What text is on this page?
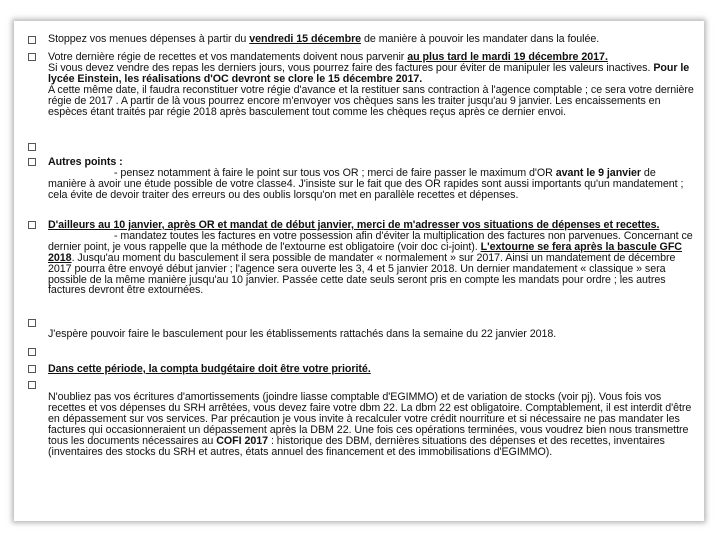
Stoppez vos menues dépenses à partir du vendredi 15 décembre de manière à pouvoir les mandater dans la foulée.
Votre dernière régie de recettes et vos mandatements doivent nous parvenir au plus tard le mardi 19 décembre 2017.
Si vous devez vendre des repas les derniers jours, vous pourrez faire des factures pour éviter de manipuler les valeurs inactives. Pour le lycée Einstein, les réalisations d'OC devront se clore le 15 décembre 2017.
A cette même date, il faudra reconstituer votre régie d'avance et la restituer sans contraction à l'agence comptable ; ce sera votre dernière régie de 2017 . A partir de là vous pourrez encore m'envoyer vos chèques sans les traiter jusqu'au 9 janvier. Les encaissements en espèces étant traités par régie 2018 après basculement tout comme les chèques reçus après ce dernier envoi.
Autres points :
- pensez notamment à faire le point sur tous vos OR ; merci de faire passer le maximum d'OR avant le 9 janvier de manière à avoir une étude possible de votre classe4. J'insiste sur le fait que des OR rapides sont aussi importants qu'un mandatement ; cela évite de devoir traiter des erreurs ou des oublis lorsqu'on met en parallèle recettes et dépenses.
D'ailleurs au 10 janvier, après OR et mandat de début janvier, merci de m'adresser vos situations de dépenses et recettes.
- mandatez toutes les factures en votre possession afin d'éviter la multiplication des factures non parvenues. Concernant ce dernier point, je vous rappelle que la méthode de l'extourne est obligatoire (voir doc ci-joint). L'extourne se fera après la bascule GFC 2018. Jusqu'au moment du basculement il sera possible de mandater « normalement » sur 2017. Ainsi un mandatement de décembre 2017 pourra être envoyé début janvier ; l'agence sera ouverte les 3, 4 et 5 janvier 2018. Un dernier mandatement « classique » sera possible de la même manière jusqu'au 10 janvier. Passée cette date seuls seront pris en compte les mandats pour ordre ; les autres factures devront être extournées.
J'espère pouvoir faire le basculement pour les établissements rattachés dans la semaine du 22 janvier 2018.
Dans cette période, la compta budgétaire doit être votre priorité.
N'oubliez pas vos écritures d'amortissements (joindre liasse comptable d'EGIMMO) et de variation de stocks (voir pj). Vous fois vos recettes et vos dépenses du SRH arrêtées, vous devez faire votre dbm 22. La dbm 22 est obligatoire. Comptablement, il est interdit d'être en dépassement sur vos services. Par précaution je vous invite à recalculer votre crédit nourriture et si nécessaire ne pas mandater les factures qui occasionneraient un dépassement après la DBM 22. Une fois ces opérations terminées, vous voudrez bien nous transmettre tous les documents nécessaires au COFI 2017 : historique des DBM, dernières situations des dépenses et des recettes, inventaires (inventaires des stocks du SRH et autres, états annuel des financement et des immobilisations d'EGIMMO).
